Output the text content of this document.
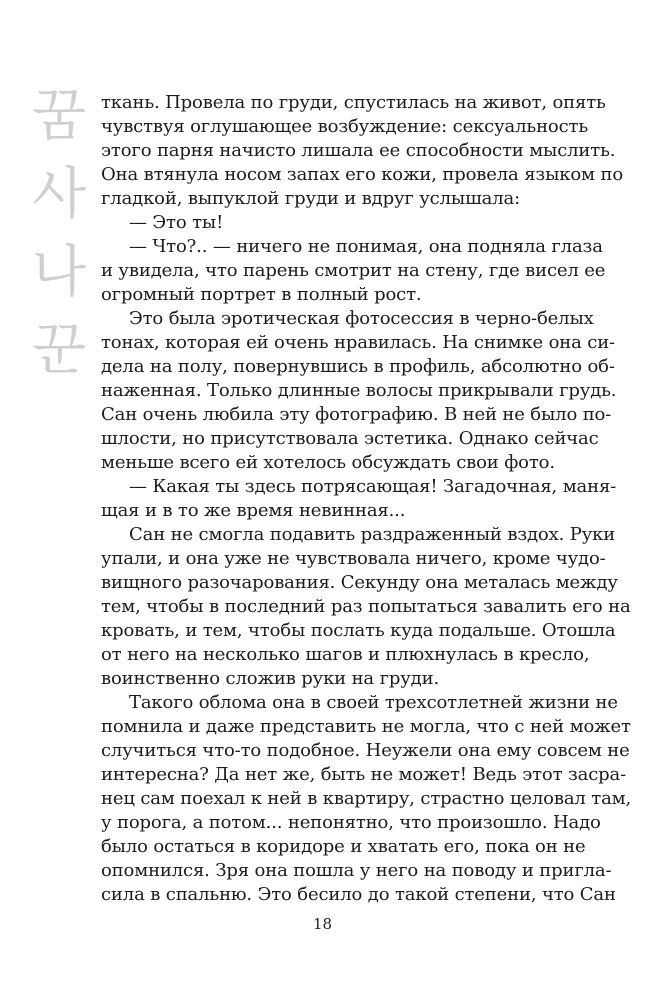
꿈
사
나
꾼
ткань. Провела по груди, спустилась на живот, опять
чувствуя оглушающее возбуждение: сексуальность
этого парня начисто лишала ее способности мыслить.
Она втянула носом запах его кожи, провела языком по
гладкой, выпуклой груди и вдруг услышала:
— Это ты!
— Что?.. — ничего не понимая, она подняла глаза
и увидела, что парень смотрит на стену, где висел ее
огромный портрет в полный рост.
Это была эротическая фотосессия в черно-белых
тонах, которая ей очень нравилась. На снимке она си-
дела на полу, повернувшись в профиль, абсолютно об-
наженная. Только длинные волосы прикрывали грудь.
Сан очень любила эту фотографию. В ней не было по-
шлости, но присутствовала эстетика. Однако сейчас
меньше всего ей хотелось обсуждать свои фото.
— Какая ты здесь потрясающая! Загадочная, маня-
щая и в то же время невинная...
Сан не смогла подавить раздраженный вздох. Руки
упали, и она уже не чувствовала ничего, кроме чудо-
вищного разочарования. Секунду она металась между
тем, чтобы в последний раз попытаться завалить его на
кровать, и тем, чтобы послать куда подальше. Отошла
от него на несколько шагов и плюхнулась в кресло,
воинственно сложив руки на груди.
Такого облома она в своей трехсотлетней жизни не
помнила и даже представить не могла, что с ней может
случиться что-то подобное. Неужели она ему совсем не
интересна? Да нет же, быть не может! Ведь этот засра-
нец сам поехал к ней в квартиру, страстно целовал там,
у порога, а потом... непонятно, что произошло. Надо
было остаться в коридоре и хватать его, пока он не
опомнился. Зря она пошла у него на поводу и пригла-
сила в спальню. Это бесило до такой степени, что Сан
18
